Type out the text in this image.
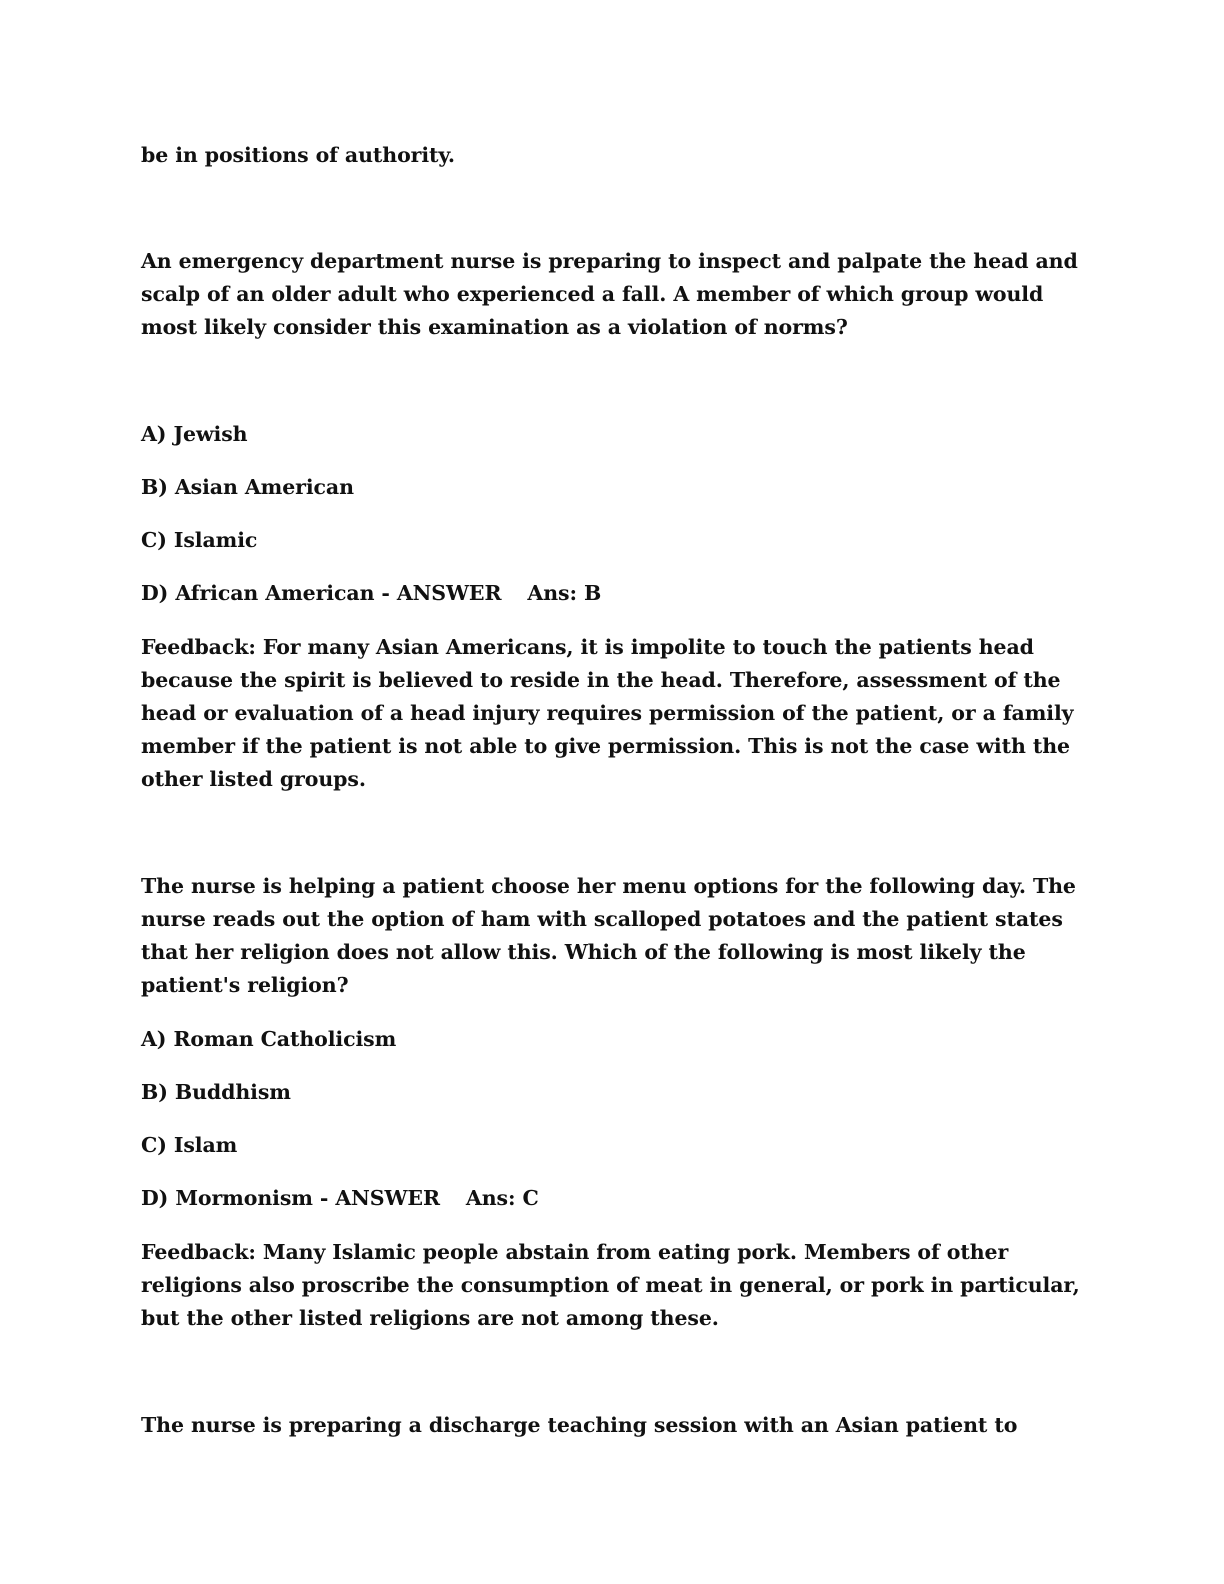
be in positions of authority.
An emergency department nurse is preparing to inspect and palpate the head and
scalp of an older adult who experienced a fall. A member of which group would
most likely consider this examination as a violation of norms?
A) Jewish
B) Asian American
C) Islamic
D) African American - ANSWER Ans: B
Feedback: For many Asian Americans, it is impolite to touch the patients head
because the spirit is believed to reside in the head. Therefore, assessment of the
head or evaluation of a head injury requires permission of the patient, or a family
member if the patient is not able to give permission. This is not the case with the
other listed groups.
The nurse is helping a patient choose her menu options for the following day. The
nurse reads out the option of ham with scalloped potatoes and the patient states
that her religion does not allow this. Which of the following is most likely the
patient's religion?
A) Roman Catholicism
B) Buddhism
C) Islam
D) Mormonism - ANSWER Ans: C
Feedback: Many Islamic people abstain from eating pork. Members of other
religions also proscribe the consumption of meat in general, or pork in particular,
but the other listed religions are not among these.
The nurse is preparing a discharge teaching session with an Asian patient to
